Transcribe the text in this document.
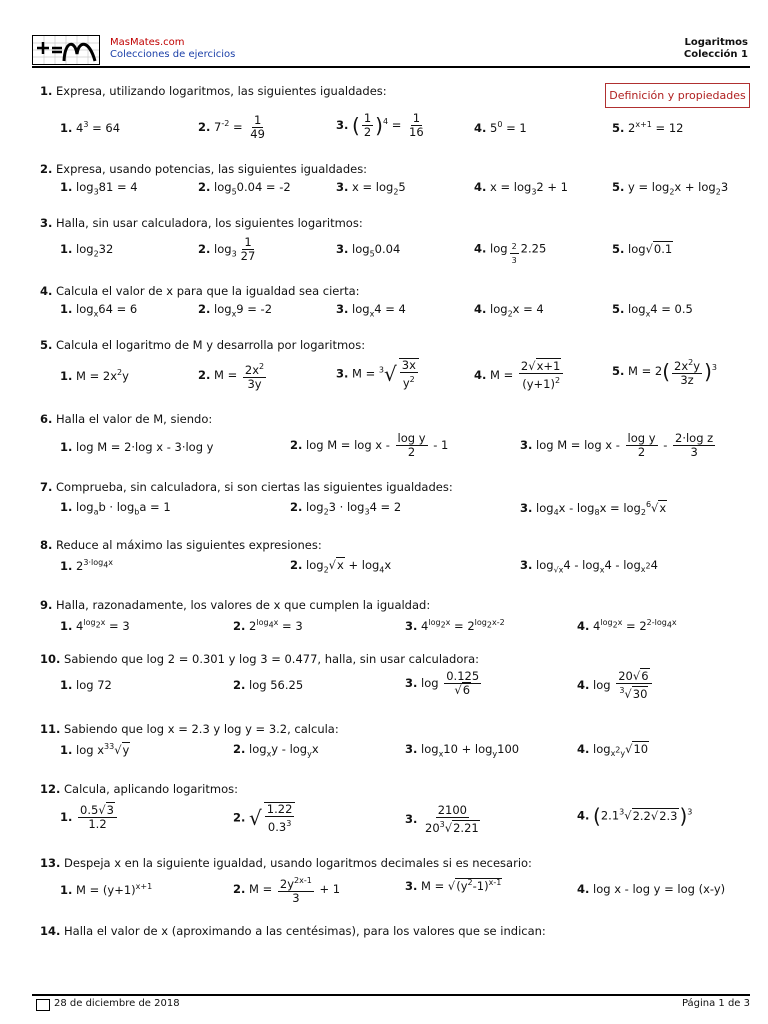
MasMates.com
Colecciones de ejercicios
Logaritmos
Colección 1
Definición y propiedades
1. Expresa, utilizando logaritmos, las siguientes igualdades:
1. $4^3 = 64$	2. $7^{-2} = \frac{1}{49}$	3. ( $\frac{1}{2} )^4 = \frac{1}{16}$	4. $5^0 = 1$	5. $2^{x+1} = 12$
2. Expresa, usando potencias, las siguientes igualdades:
1. $\log_381 = 4$	2. $\log_50.04 = -2$	3. $x = \log_25$	4. $x = \log_32 + 1$	5. $y = \log_2x + \log_23$
3. Halla, sin usar calculadora, los siguientes logaritmos:
1. $\log_232$	2. $\log_3 \frac{1}{27}$	3. $\log_50.04$	4. log $_{\frac{2}{3}}$ 2.25	5. log√0.1
4. Calcula el valor de x para que la igualdad sea cierta:
1. $\log_x64 = 6$	2. $\log_x9 = -2$	3. $\log_x4 = 4$	4. $\log_2x = 4$	5. $\log_x4 = 0.5$
5. Calcula el logaritmo de M y desarrolla por logaritmos:
1. $M = 2x^2y$	2. $M = \frac{2x^2}{3y}$	3. $M = ^3√ \frac{3x}{y^2}$	4. $M = \frac{2√x+1}{(y+1)^2}$	5. $M = 2( \frac{2x^2y}{3z} )^3$
6. Halla el valor de M, siendo:
1. log M = 2·log x - 3·log y	2. $\log M = \log x - \frac{\text{log y}}{2} - 1$	3. $\log M = \log x - \frac{\text{log y}}{2} - \frac{\text{2·log z}}{3}$
7. Comprueba, sin calculadora, si son ciertas las siguientes igualdades:
1. $\log_ab \cdot \log_ba = 1$	2. $\log_23 \cdot \log_34 = 2$	3. $\log_4x - \log_8x = \log_2^6√x$
8. Reduce al máximo las siguientes expresiones:
1. $2^{3\cdot log_4x}$	2. $\log_2√x + \log_4x$	3. $\log_{√x}4 - \log_x4 - \log_{x^2}4$
9. Halla, razonadamente, los valores de x que cumplen la igualdad:
1. $4^{log_2x} = 3$	2. $2^{log_4x} = 3$	3. $4^{log_2x} = 2^{log_2x-2}$	4. $4^{log_2x} = 2^{2-log_4x}$
10. Sabiendo que log 2 = 0.301 y log 3 = 0.477, halla, sin usar calculadora:
1. log 72	2. log 56.25	3. $\log \frac{0.125}{√6}$	4. $\log \frac{20√6}{^3√30}$
11. Sabiendo que log x = 2.3 y log y = 3.2, calcula:
1. $\log x^{33}√y$	2. $\log_xy - \log_yx$	3. $\log_x10 + \log_y100$	4. $\log_{x^2y}√10$
12. Calcula, aplicando logaritmos:
1. $\frac{0.5√3}{1.2}$	2. √ $\frac{1.22}{0.3^3}$	3. $\frac{2100}{20^3√2.21}$	4. ($2.1^3√2.2√2.3$ )$^3$
13. Despeja x en la siguiente igualdad, usando logaritmos decimales si es necesario:
1. $M = (y+1)^{x+1}$	2. $M = \frac{2y^{2x-1}}{3} + 1$	3. $M = √(y^2-1)^{x-1}$	4. log x - log y = log (x-y)
14. Halla el valor de x (aproximando a las centésimas), para los valores que se indican:
28 de diciembre de 2018	Página 1 de 3
